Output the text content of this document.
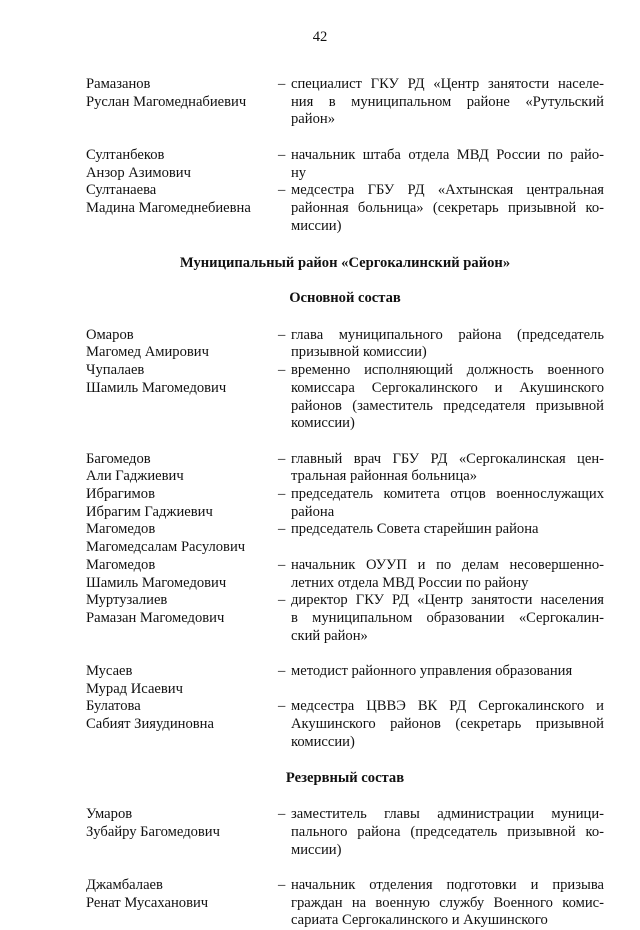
42
Рамазанов
Руслан Магомеднабиевич
– специалист ГКУ РД «Центр занятости населе-
ния в муниципальном районе «Рутульский
район»
Султанбеков
Анзор Азимович
– начальник штаба отдела МВД России по райо-
ну
Султанаева
Мадина Магомеднебиевна
– медсестра ГБУ РД «Ахтынская центральная
районная больница» (секретарь призывной ко-
миссии)
Муниципальный район «Сергокалинский район»
Основной состав
Омаров
Магомед Амирович
– глава муниципального района (председатель
призывной комиссии)
Чупалаев
Шамиль Магомедович
– временно исполняющий должность военного
комиссара Сергокалинского и Акушинского
районов (заместитель председателя призывной
комиссии)
Багомедов
Али Гаджиевич
– главный врач ГБУ РД «Сергокалинская цен-
тральная районная больница»
Ибрагимов
Ибрагим Гаджиевич
– председатель комитета отцов военнослужащих
района
Магомедов
Магомедсалам Расулович
– председатель Совета старейшин района
Магомедов
Шамиль Магомедович
– начальник ОУУП и по делам несовершенно-
летних отдела МВД России по району
Муртузалиев
Рамазан Магомедович
– директор ГКУ РД «Центр занятости населения
в муниципальном образовании «Сергокалин-
ский район»
Мусаев
Мурад Исаевич
– методист районного управления образования
Булатова
Сабият Зияудиновна
– медсестра ЦВВЭ ВК РД Сергокалинского и
Акушинского районов (секретарь призывной
комиссии)
Резервный состав
Умаров
Зубайру Багомедович
– заместитель главы администрации муници-
пального района (председатель призывной ко-
миссии)
Джамбалаев
Ренат Мусаханович
– начальник отделения подготовки и призыва
граждан на военную службу Военного комис-
сариата Сергокалинского и Акушинского
